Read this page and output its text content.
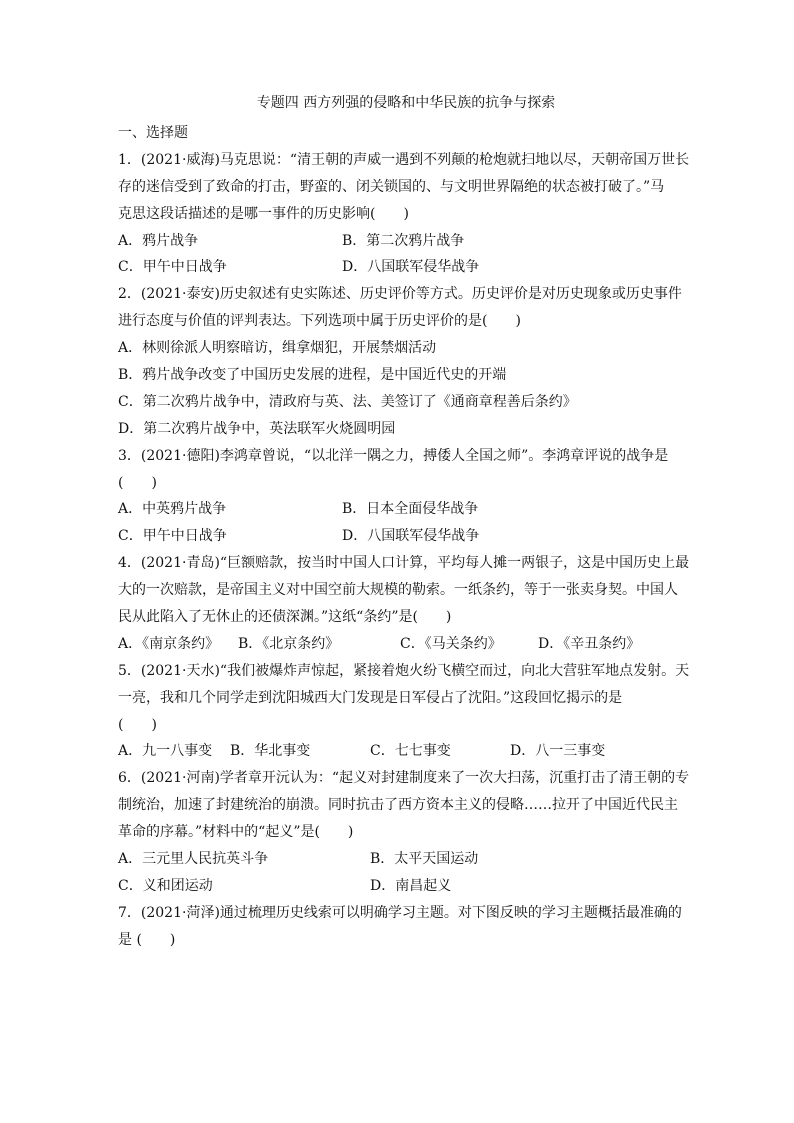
专题四 西方列强的侵略和中华民族的抗争与探索
一、选择题
1．(2021·威海)马克思说：“清王朝的声威一遇到不列颠的枪炮就扫地以尽，天朝帝国万世长
存的迷信受到了致命的打击，野蛮的、闭关锁国的、与文明世界隔绝的状态被打破了。”马
克思这段话描述的是哪一事件的历史影响(　　)
A．鸦片战争	B．第二次鸦片战争
C．甲午中日战争	D．八国联军侵华战争
2．(2021·泰安)历史叙述有史实陈述、历史评价等方式。历史评价是对历史现象或历史事件
进行态度与价值的评判表达。下列选项中属于历史评价的是(　　)
A．林则徐派人明察暗访，缉拿烟犯，开展禁烟活动
B．鸦片战争改变了中国历史发展的进程，是中国近代史的开端
C．第二次鸦片战争中，清政府与英、法、美签订了《通商章程善后条约》
D．第二次鸦片战争中，英法联军火烧圆明园
3．(2021·德阳)李鸿章曾说，“以北洋一隅之力，搏倭人全国之师”。李鸿章评说的战争是
(　　)
A．中英鸦片战争	B．日本全面侵华战争
C．甲午中日战争	D．八国联军侵华战争
4．(2021·青岛)“巨额赔款，按当时中国人口计算，平均每人摊一两银子，这是中国历史上最
大的一次赔款，是帝国主义对中国空前大规模的勒索。一纸条约，等于一张卖身契。中国人
民从此陷入了无休止的还债深渊。”这纸“条约”是(　　)
A．《南京条约》 B．《北京条约》	C．《马关条约》	D．《辛丑条约》
5．(2021·天水)“我们被爆炸声惊起，紧接着炮火纷飞横空而过，向北大营驻军地点发射。天
一亮，我和几个同学走到沈阳城西大门发现是日军侵占了沈阳。”这段回忆揭示的是
(　　)
A．九一八事变 B．华北事变	C．七七事变	D．八一三事变
6．(2021·河南)学者章开沅认为：“起义对封建制度来了一次大扫荡，沉重打击了清王朝的专
制统治，加速了封建统治的崩溃。同时抗击了西方资本主义的侵略……拉开了中国近代民主
革命的序幕。”材料中的“起义”是(　　)
A．三元里人民抗英斗争	B．太平天国运动
C．义和团运动	D．南昌起义
7．(2021·菏泽)通过梳理历史线索可以明确学习主题。对下图反映的学习主题概括最准确的
是 (　　)
